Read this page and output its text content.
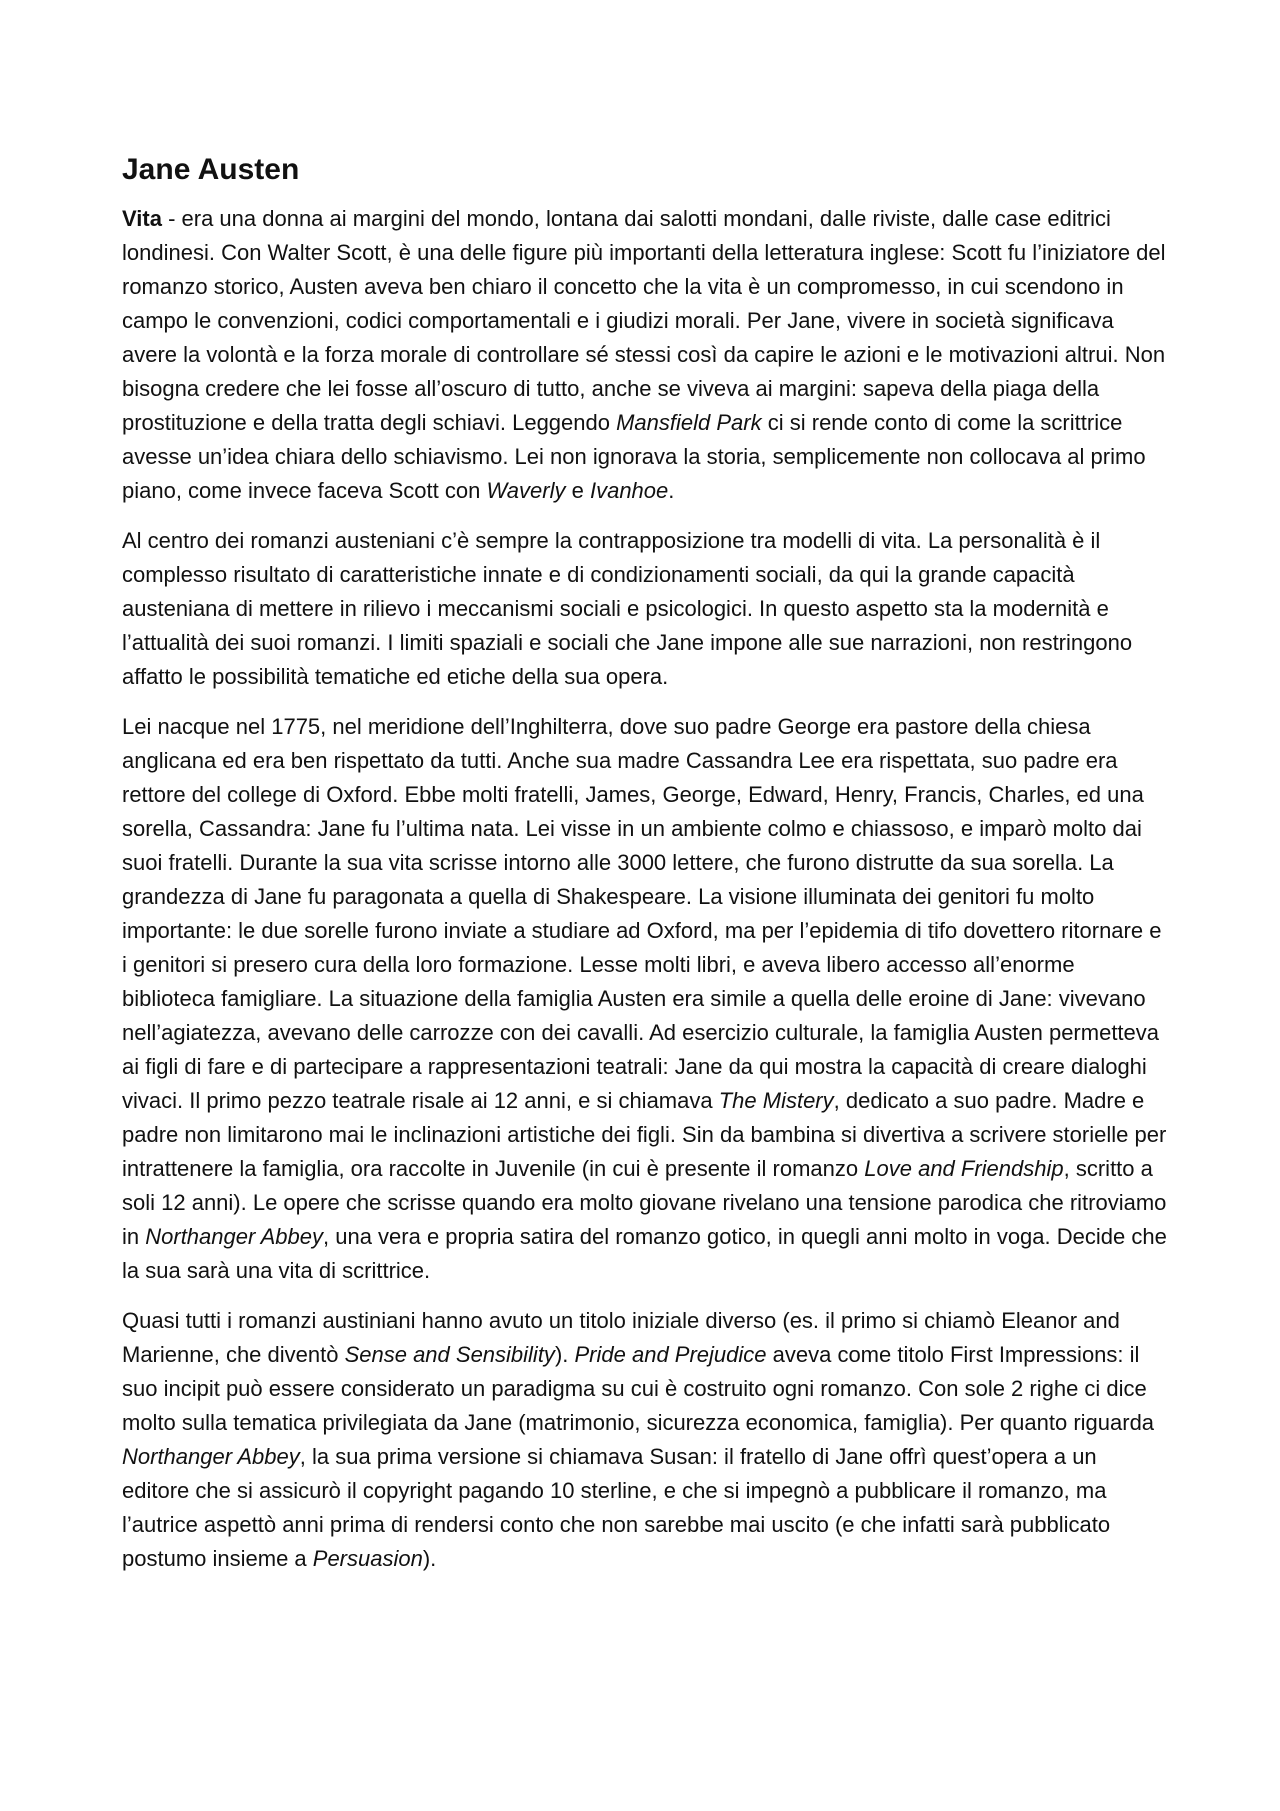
Jane Austen

Vita - era una donna ai margini del mondo, lontana dai salotti mondani, dalle riviste, dalle case editrici londinesi. Con Walter Scott, è una delle figure più importanti della letteratura inglese: Scott fu l’iniziatore del romanzo storico, Austen aveva ben chiaro il concetto che la vita è un compromesso, in cui scendono in campo le convenzioni, codici comportamentali e i giudizi morali. Per Jane, vivere in società significava avere la volontà e la forza morale di controllare sé stessi così da capire le azioni e le motivazioni altrui. Non bisogna credere che lei fosse all’oscuro di tutto, anche se viveva ai margini: sapeva della piaga della prostituzione e della tratta degli schiavi. Leggendo Mansfield Park ci si rende conto di come la scrittrice avesse un’idea chiara dello schiavismo. Lei non ignorava la storia, semplicemente non collocava al primo piano, come invece faceva Scott con Waverly e Ivanhoe.

Al centro dei romanzi austeniani c’è sempre la contrapposizione tra modelli di vita. La personalità è il complesso risultato di caratteristiche innate e di condizionamenti sociali, da qui la grande capacità austeniana di mettere in rilievo i meccanismi sociali e psicologici. In questo aspetto sta la modernità e l’attualità dei suoi romanzi. I limiti spaziali e sociali che Jane impone alle sue narrazioni, non restringono affatto le possibilità tematiche ed etiche della sua opera.

Lei nacque nel 1775, nel meridione dell’Inghilterra, dove suo padre George era pastore della chiesa anglicana ed era ben rispettato da tutti. Anche sua madre Cassandra Lee era rispettata, suo padre era rettore del college di Oxford. Ebbe molti fratelli, James, George, Edward, Henry, Francis, Charles, ed una sorella, Cassandra: Jane fu l’ultima nata. Lei visse in un ambiente colmo e chiassoso, e imparò molto dai suoi fratelli. Durante la sua vita scrisse intorno alle 3000 lettere, che furono distrutte da sua sorella. La grandezza di Jane fu paragonata a quella di Shakespeare. La visione illuminata dei genitori fu molto importante: le due sorelle furono inviate a studiare ad Oxford, ma per l’epidemia di tifo dovettero ritornare e i genitori si presero cura della loro formazione. Lesse molti libri, e aveva libero accesso all’enorme biblioteca famigliare. La situazione della famiglia Austen era simile a quella delle eroine di Jane: vivevano nell’agiatezza, avevano delle carrozze con dei cavalli. Ad esercizio culturale, la famiglia Austen permetteva ai figli di fare e di partecipare a rappresentazioni teatrali: Jane da qui mostra la capacità di creare dialoghi vivaci. Il primo pezzo teatrale risale ai 12 anni, e si chiamava The Mistery, dedicato a suo padre. Madre e padre non limitarono mai le inclinazioni artistiche dei figli. Sin da bambina si divertiva a scrivere storielle per intrattenere la famiglia, ora raccolte in Juvenile (in cui è presente il romanzo Love and Friendship, scritto a soli 12 anni). Le opere che scrisse quando era molto giovane rivelano una tensione parodica che ritroviamo in Northanger Abbey, una vera e propria satira del romanzo gotico, in quegli anni molto in voga. Decide che la sua sarà una vita di scrittrice.

Quasi tutti i romanzi austiniani hanno avuto un titolo iniziale diverso (es. il primo si chiamò Eleanor and Marienne, che diventò Sense and Sensibility). Pride and Prejudice aveva come titolo First Impressions: il suo incipit può essere considerato un paradigma su cui è costruito ogni romanzo. Con sole 2 righe ci dice molto sulla tematica privilegiata da Jane (matrimonio, sicurezza economica, famiglia). Per quanto riguarda Northanger Abbey, la sua prima versione si chiamava Susan: il fratello di Jane offrì quest’opera a un editore che si assicurò il copyright pagando 10 sterline, e che si impegnò a pubblicare il romanzo, ma l’autrice aspettò anni prima di rendersi conto che non sarebbe mai uscito (e che infatti sarà pubblicato postumo insieme a Persuasion).
